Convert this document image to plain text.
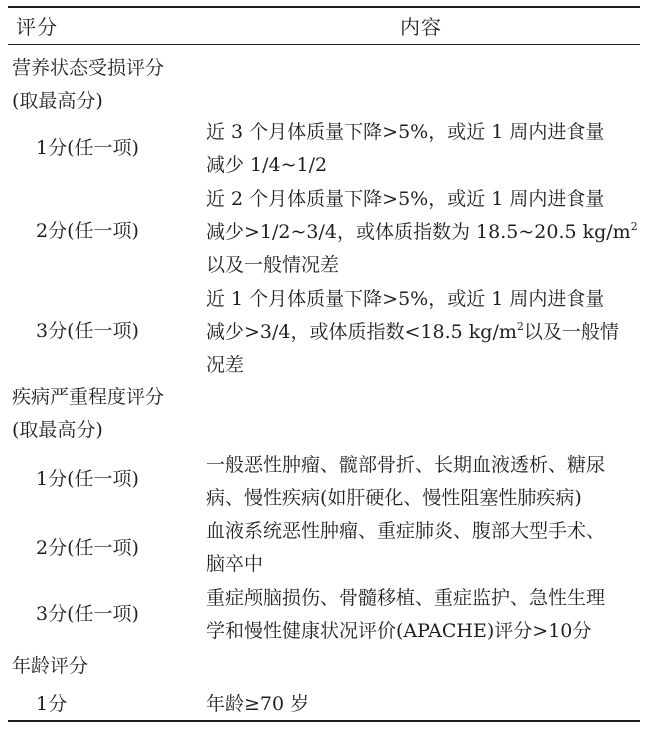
评分	内容
营养状态受损评分
(取最高分)
1分(任一项)
近 3 个月体质量下降>5%，或近 1 周内进食量
减少 1/4~1/2
2分(任一项)
近 2 个月体质量下降>5%，或近 1 周内进食量
减少>1/2~3/4，或体质指数为 18.5~20.5 $kg/m^2$
以及一般情况差
3分(任一项)
近 1 个月体质量下降>5%，或近 1 周内进食量
减少>3/4，或体质指数<18.5 $kg/m^2$以及一般情
况差
疾病严重程度评分
(取最高分)
1分(任一项)
一般恶性肿瘤、髋部骨折、长期血液透析、糖尿
病、慢性疾病(如肝硬化、慢性阻塞性肺疾病)
2分(任一项)
血液系统恶性肿瘤、重症肺炎、腹部大型手术、
脑卒中
3分(任一项)
重症颅脑损伤、骨髓移植、重症监护、急性生理
学和慢性健康状况评价(APACHE)评分>10分
年龄评分
1分	年龄≥70 岁
